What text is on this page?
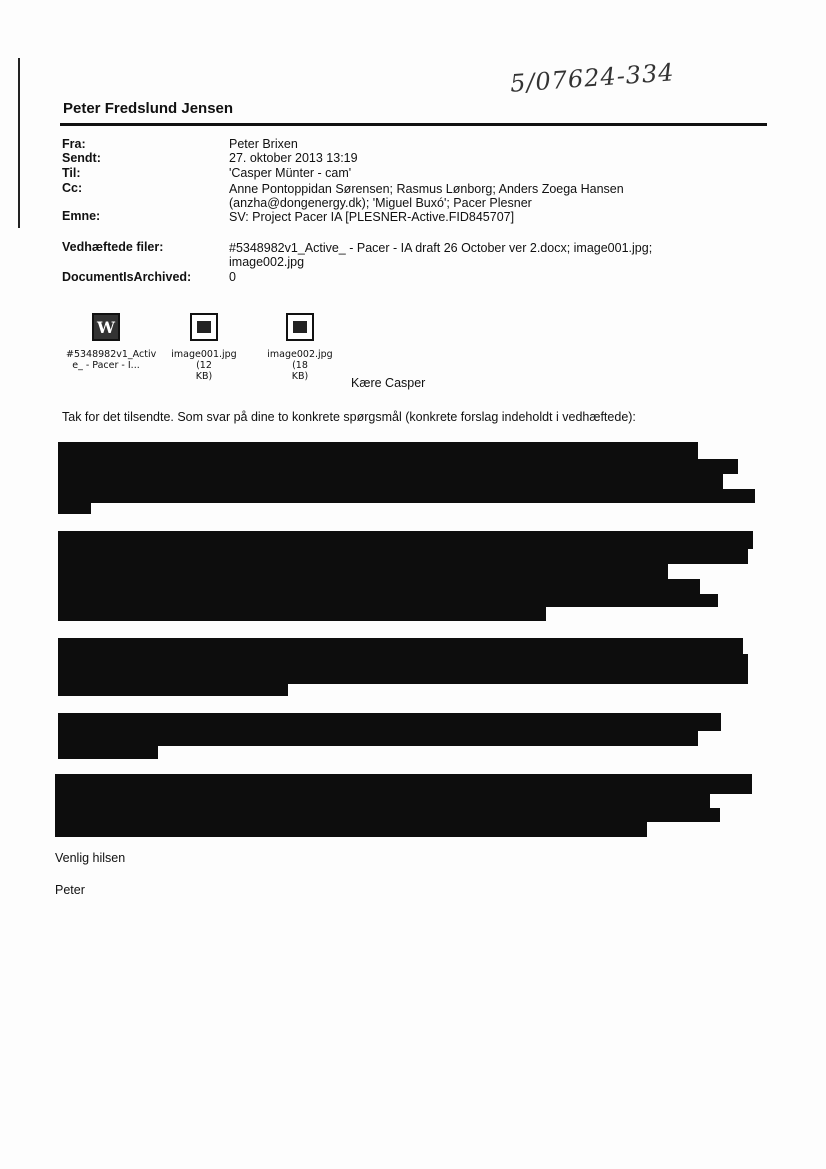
5/07624-334
Peter Fredslund Jensen
Fra:	Peter Brixen
Sendt:	27. oktober 2013 13:19
Til:	'Casper Münter - cam'
Cc:	Anne Pontoppidan Sørensen; Rasmus Lønborg; Anders Zoega Hansen
(anzha@dongenergy.dk); 'Miguel Buxó'; Pacer Plesner
Emne:	SV: Project Pacer IA [PLESNER-Active.FID845707]
Vedhæftede filer:	#5348982v1_Active_ - Pacer - IA draft 26 October ver 2.docx; image001.jpg;
image002.jpg
DocumentIsArchived:	0
W
#5348982v1_Activ
e_ - Pacer - I...
image001.jpg (12
KB)
image002.jpg (18
KB)	Kære Casper
Tak for det tilsendte. Som svar på dine to konkrete spørgsmål (konkrete forslag indeholdt i vedhæftede):
Venlig hilsen
Peter
